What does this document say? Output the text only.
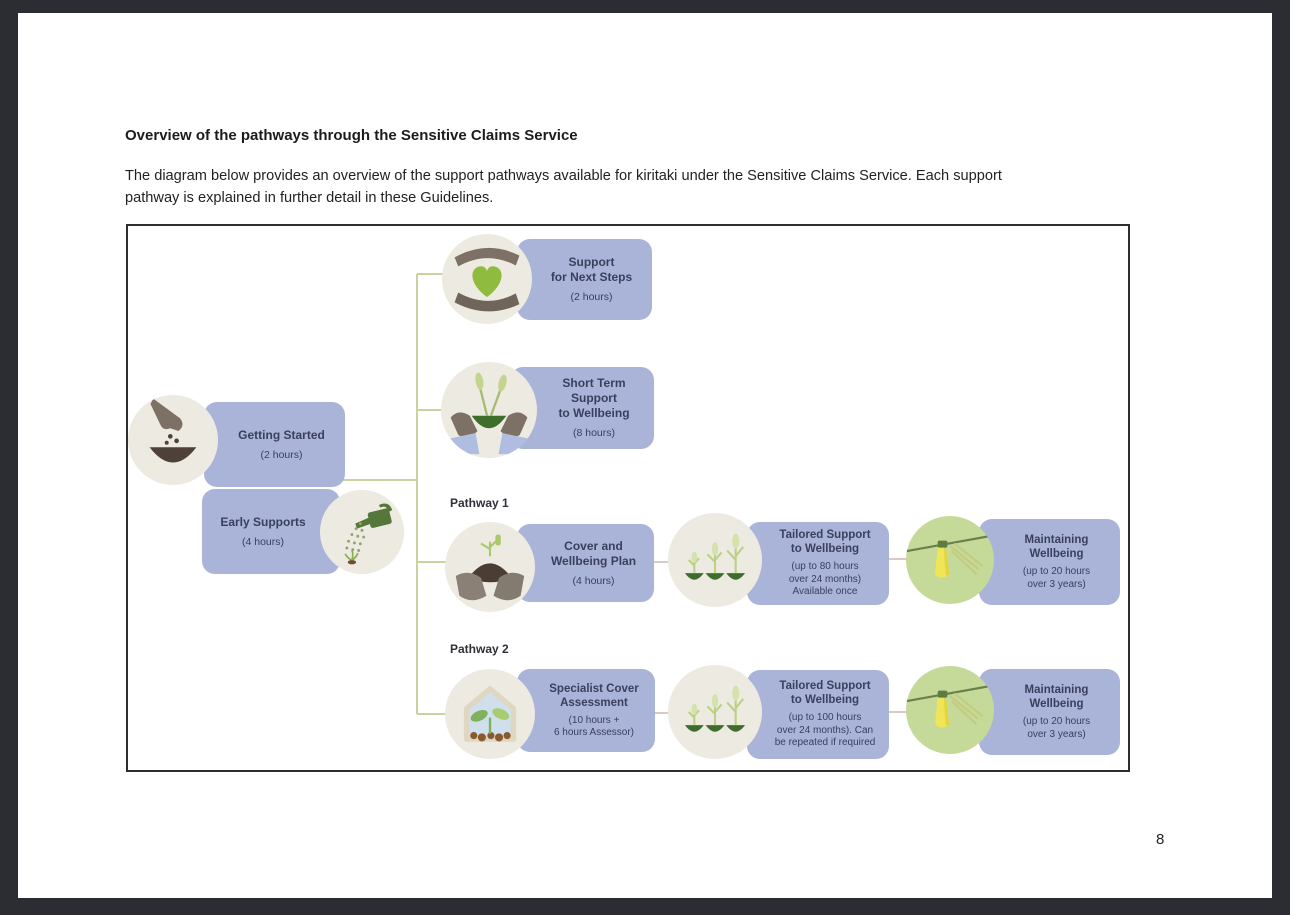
Overview of the pathways through the Sensitive Claims Service
The diagram below provides an overview of the support pathways available for kiritaki under the Sensitive Claims Service. Each support
pathway is explained in further detail in these Guidelines.
Getting Started
(2 hours)
Early Supports
(4 hours)
Support
for Next Steps
(2 hours)
Short Term
Support
to Wellbeing
(8 hours)
Pathway 1
Cover and
Wellbeing Plan
(4 hours)
Tailored Support
to Wellbeing
(up to 80 hours
over 24 months)
Available once
Maintaining
Wellbeing
(up to 20 hours
over 3 years)
Pathway 2
Specialist Cover
Assessment
(10 hours +
6 hours Assessor)
Tailored Support
to Wellbeing
(up to 100 hours
over 24 months). Can
be repeated if required
Maintaining
Wellbeing
(up to 20 hours
over 3 years)
8
